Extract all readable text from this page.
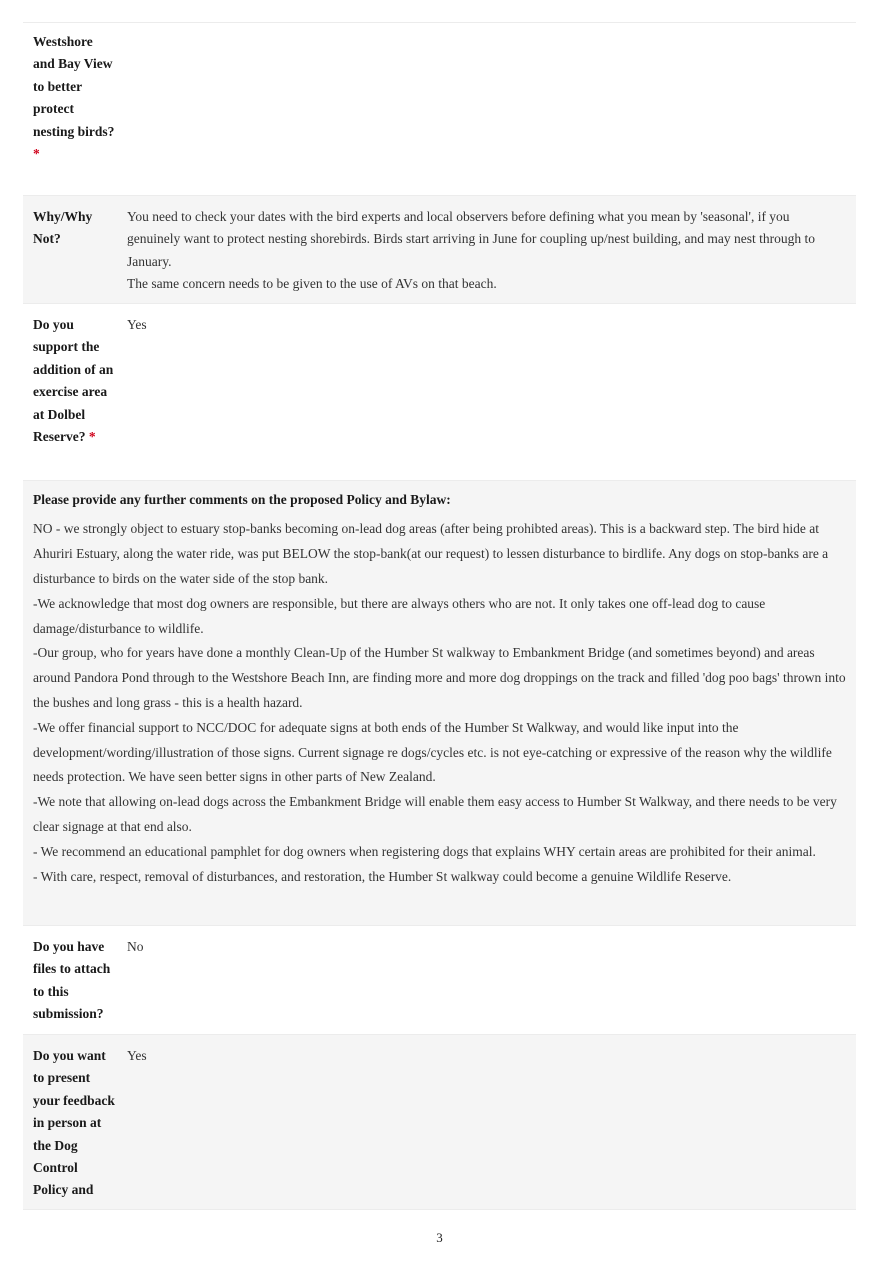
Westshore and Bay View to better protect nesting birds? *
Why/Why Not?
You need to check your dates with the bird experts and local observers before defining what you mean by 'seasonal', if you genuinely want to protect nesting shorebirds. Birds start arriving in June for coupling up/nest building, and may nest through to January.
The same concern needs to be given to the use of AVs on that beach.
Do you support the addition of an exercise area at Dolbel Reserve? *
Yes
Please provide any further comments on the proposed Policy and Bylaw:
NO - we strongly object to estuary stop-banks becoming on-lead dog areas (after being prohibted areas). This is a backward step. The bird hide at Ahuriri Estuary, along the water ride, was put BELOW the stop-bank(at our request) to lessen disturbance to birdlife. Any dogs on stop-banks are a disturbance to birds on the water side of the stop bank.
-We acknowledge that most dog owners are responsible, but there are always others who are not. It only takes one off-lead dog to cause damage/disturbance to wildlife.
-Our group, who for years have done a monthly Clean-Up of the Humber St walkway to Embankment Bridge (and sometimes beyond) and areas around Pandora Pond through to the Westshore Beach Inn, are finding more and more dog droppings on the track and filled 'dog poo bags' thrown into the bushes and long grass - this is a health hazard.
-We offer financial support to NCC/DOC for adequate signs at both ends of the Humber St Walkway, and would like input into the development/wording/illustration of those signs. Current signage re dogs/cycles etc. is not eye-catching or expressive of the reason why the wildlife needs protection. We have seen better signs in other parts of New Zealand.
-We note that allowing on-lead dogs across the Embankment Bridge will enable them easy access to Humber St Walkway, and there needs to be very clear signage at that end also.
- We recommend an educational pamphlet for dog owners when registering dogs that explains WHY certain areas are prohibited for their animal.
- With care, respect, removal of disturbances, and restoration, the Humber St walkway could become a genuine Wildlife Reserve.
Do you have files to attach to this submission?
No
Do you want to present your feedback in person at the Dog Control Policy and
Yes
3
